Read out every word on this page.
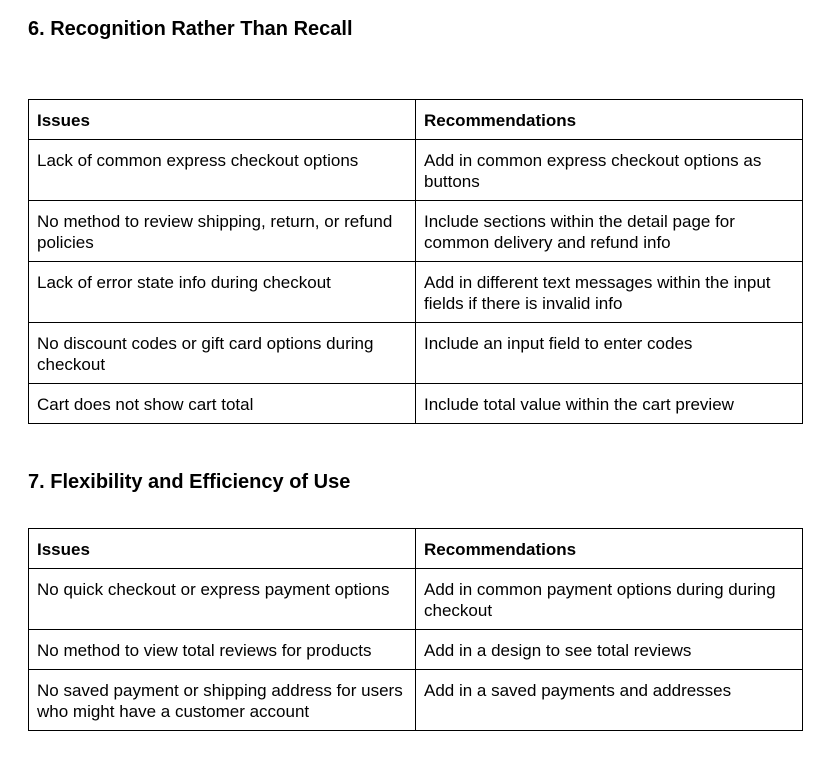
6. Recognition Rather Than Recall
Issues	Recommendations
Lack of common express checkout options	Add in common express checkout options as buttons
No method to review shipping, return, or refund policies	Include sections within the detail page for common delivery and refund info
Lack of error state info during checkout	Add in different text messages within the input fields if there is invalid info
No discount codes or gift card options during checkout	Include an input field to enter codes
Cart does not show cart total	Include total value within the cart preview
7. Flexibility and Efficiency of Use
Issues	Recommendations
No quick checkout or express payment options	Add in common payment options during during checkout
No method to view total reviews for products	Add in a design to see total reviews
No saved payment or shipping address for users who might have a customer account	Add in a saved payments and addresses
